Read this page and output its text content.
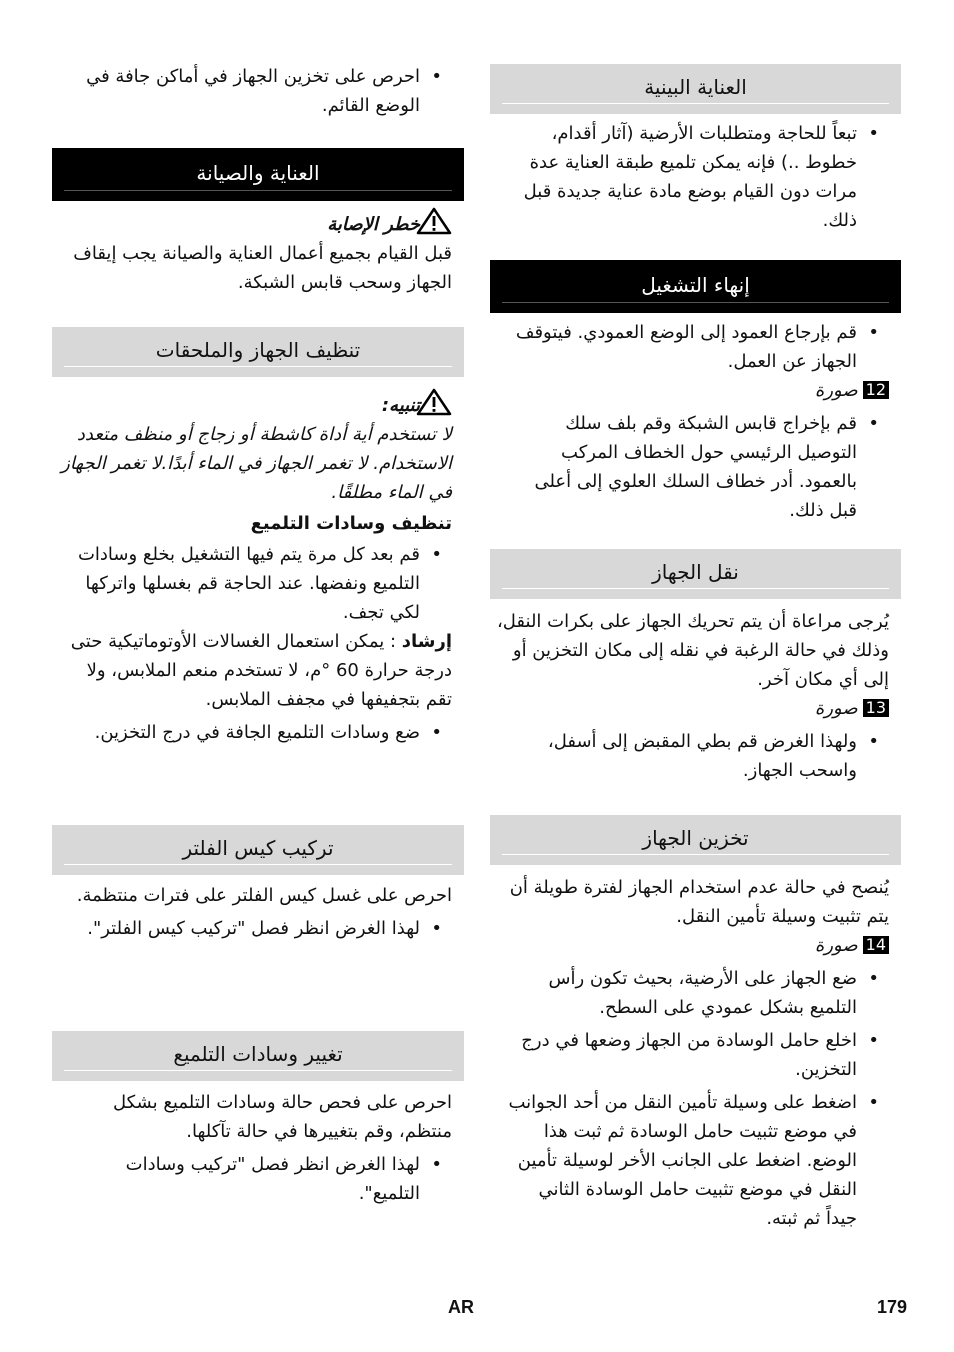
العناية البينية
• تبعاً للحاجة ومتطلبات الأرضية (آثار أقدام، خطوط ..) فإنه يمكن تلميع طبقة العناية عدة مرات دون القيام بوضع مادة عناية جديدة قبل ذلك.
إنهاء التشغيل
• قم بإرجاع العمود إلى الوضع العمودي. فيتوقف الجهاز عن العمل.

12صورة

• قم بإخراج قابس الشبكة وقم بلف سلك التوصيل الرئيسي حول الخطاف المركب بالعمود. أدر خطاف السلك العلوي إلى أعلى قبل ذلك.
نقل الجهاز

يُرجى مراعاة أن يتم تحريك الجهاز على بكرات النقل، وذلك في حالة الرغبة في نقله إلى مكان التخزين أو إلى أي مكان آخر.

13صورة

• ولهذا الغرض قم بطي المقبض إلى أسفل، واسحب الجهاز.
تخزين الجهاز

يُنصح في حالة عدم استخدام الجهاز لفترة طويلة أن يتم تثبيت وسيلة تأمين النقل.

14صورة

• ضع الجهاز على الأرضية، بحيث تكون رأس التلميع بشكل عمودي على السطح.
• اخلع حامل الوسادة من الجهاز وضعها في درج التخزين.
• اضغط على وسيلة تأمين النقل من أحد الجوانب في موضع تثبيت حامل الوسادة ثم ثبت هذا الوضع. اضغط على الجانب الأخر لوسيلة تأمين النقل في موضع تثبيت حامل الوسادة الثاني جيداً ثم ثبته.
• احرص على تخزين الجهاز في أماكن جافة في الوضع القائم.
العناية والصيانة

خطر الإصابة

قبل القيام بجميع أعمال العناية والصيانة يجب إيقاف الجهاز وسحب قابس الشبكة.

تنظيف الجهاز والملحقات

تنبيه:

لا تستخدم أية أداة كاشطة أو زجاج أو منظف متعدد الاستخدام. لا تغمر الجهاز في الماء أبدًا.لا تغمر الجهاز في الماء مطلقًا.

تنظيف وسادات التلميع

• قم بعد كل مرة يتم فيها التشغيل بخلع وسادات التلميع ونفضها. عند الحاجة قم بغسلها واتركها لكي تجف.

إرشاد : يمكن استعمال الغسالات الأوتوماتيكية حتى درجة حرارة 60 °م، لا تستخدم منعم الملابس، ولا تقم بتجفيفها في مجفف الملابس.

• ضع وسادات التلميع الجافة في درج التخزين.
تركيب كيس الفلتر

احرص على غسل كيس الفلتر على فترات منتظمة.

• لهذا الغرض انظر فصل "تركيب كيس الفلتر".
تغيير وسادات التلميع

احرص على فحص حالة وسادات التلميع بشكل منتظم، وقم بتغييرها في حالة تآكلها.

• لهذا الغرض انظر فصل "تركيب وسادات التلميع".
AR	179
